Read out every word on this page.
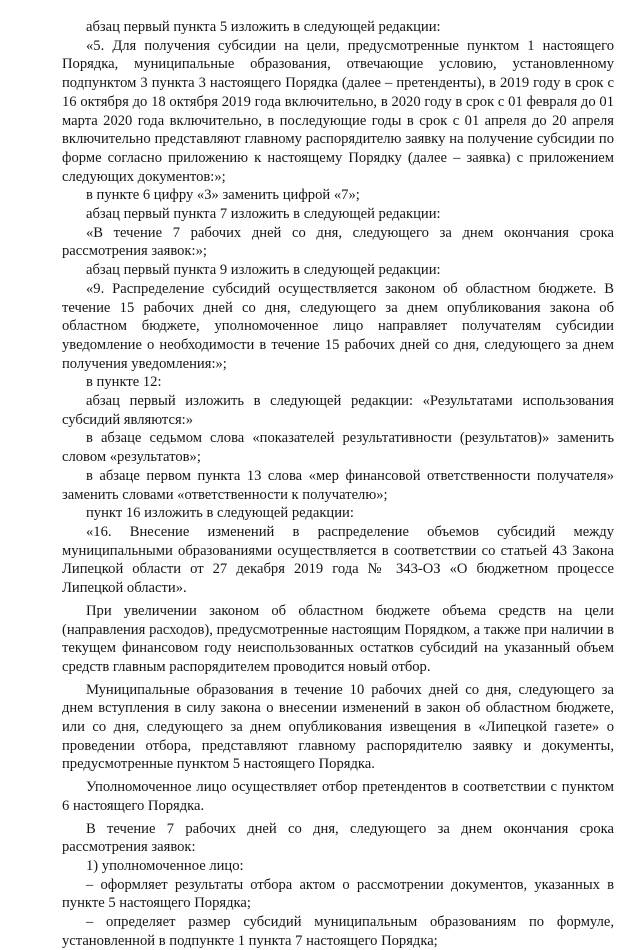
абзац первый пункта 5 изложить в следующей редакции:

«5. Для получения субсидии на цели, предусмотренные пунктом 1 настоящего Порядка, муниципальные образования, отвечающие условию, установленному подпунктом 3 пункта 3 настоящего Порядка (далее – претенденты), в 2019 году в срок с 16 октября до 18 октября 2019 года включительно, в 2020 году в срок с 01 февраля до 01 марта 2020 года включительно, в последующие годы в срок с 01 апреля до 20 апреля включительно представляют главному распорядителю заявку на получение субсидии по форме согласно приложению к настоящему Порядку (далее – заявка) с приложением следующих документов:»;

в пункте 6 цифру «3» заменить цифрой «7»;

абзац первый пункта 7 изложить в следующей редакции:

«В течение 7 рабочих дней со дня, следующего за днем окончания срока рассмотрения заявок:»;

абзац первый пункта 9 изложить в следующей редакции:

«9. Распределение субсидий осуществляется законом об областном бюджете. В течение 15 рабочих дней со дня, следующего за днем опубликования закона об областном бюджете, уполномоченное лицо направляет получателям субсидии уведомление о необходимости в течение 15 рабочих дней со дня, следующего за днем получения уведомления:»;

в пункте 12:

абзац первый изложить в следующей редакции: «Результатами использования субсидий являются:»

в абзаце седьмом слова «показателей результативности (результатов)» заменить словом «результатов»;

в абзаце первом пункта 13 слова «мер финансовой ответственности получателя» заменить словами «ответственности к получателю»;

пункт 16 изложить в следующей редакции:

«16. Внесение изменений в распределение объемов субсидий между муниципальными образованиями осуществляется в соответствии со статьей 43 Закона Липецкой области от 27 декабря 2019 года № 343-ОЗ «О бюджетном процессе Липецкой области».

При увеличении законом об областном бюджете объема средств на цели (направления расходов), предусмотренные настоящим Порядком, а также при наличии в текущем финансовом году неиспользованных остатков субсидий на указанный объем средств главным распорядителем проводится новый отбор.

Муниципальные образования в течение 10 рабочих дней со дня, следующего за днем вступления в силу закона о внесении изменений в закон об областном бюджете, или со дня, следующего за днем опубликования извещения в «Липецкой газете» о проведении отбора, представляют главному распорядителю заявку и документы, предусмотренные пунктом 5 настоящего Порядка.

Уполномоченное лицо осуществляет отбор претендентов в соответствии с пунктом 6 настоящего Порядка.

В течение 7 рабочих дней со дня, следующего за днем окончания срока рассмотрения заявок:

1) уполномоченное лицо:

– оформляет результаты отбора актом о рассмотрении документов, указанных в пункте 5 настоящего Порядка;

– определяет размер субсидий муниципальным образованиям по формуле, установленной в подпункте 1 пункта 7 настоящего Порядка;
